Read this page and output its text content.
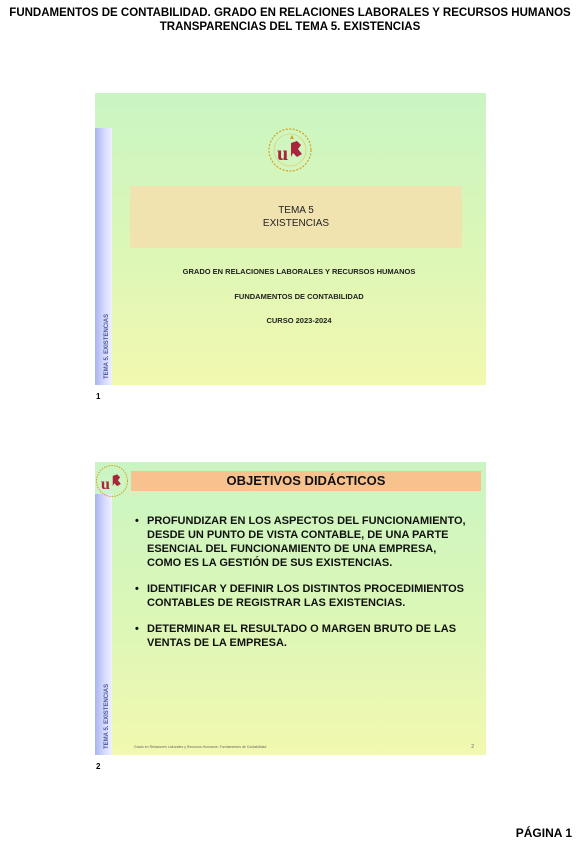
FUNDAMENTOS DE CONTABILIDAD. GRADO EN RELACIONES LABORALES Y RECURSOS HUMANOS
TRANSPARENCIAS DEL TEMA 5. EXISTENCIAS
TEMA 5. EXISTENCIAS
u
TEMA 5
EXISTENCIAS
GRADO EN RELACIONES LABORALES Y RECURSOS HUMANOS
FUNDAMENTOS DE CONTABILIDAD
CURSO 2023-2024
1
TEMA 5. EXISTENCIAS
u	OBJETIVOS DIDÁCTICOS
• PROFUNDIZAR EN LOS ASPECTOS DEL FUNCIONAMIENTO, DESDE UN PUNTO DE VISTA CONTABLE, DE UNA PARTE ESENCIAL DEL FUNCIONAMIENTO DE UNA EMPRESA, COMO ES LA GESTIÓN DE SUS EXISTENCIAS.
• IDENTIFICAR Y DEFINIR LOS DISTINTOS PROCEDIMIENTOS CONTABLES DE REGISTRAR LAS EXISTENCIAS.
• DETERMINAR EL RESULTADO O MARGEN BRUTO DE LAS VENTAS DE LA EMPRESA.
Grado en Relaciones Laborales y Recursos Humanos. Fundamentos de Contabilidad	2
2
PÁGINA 1
